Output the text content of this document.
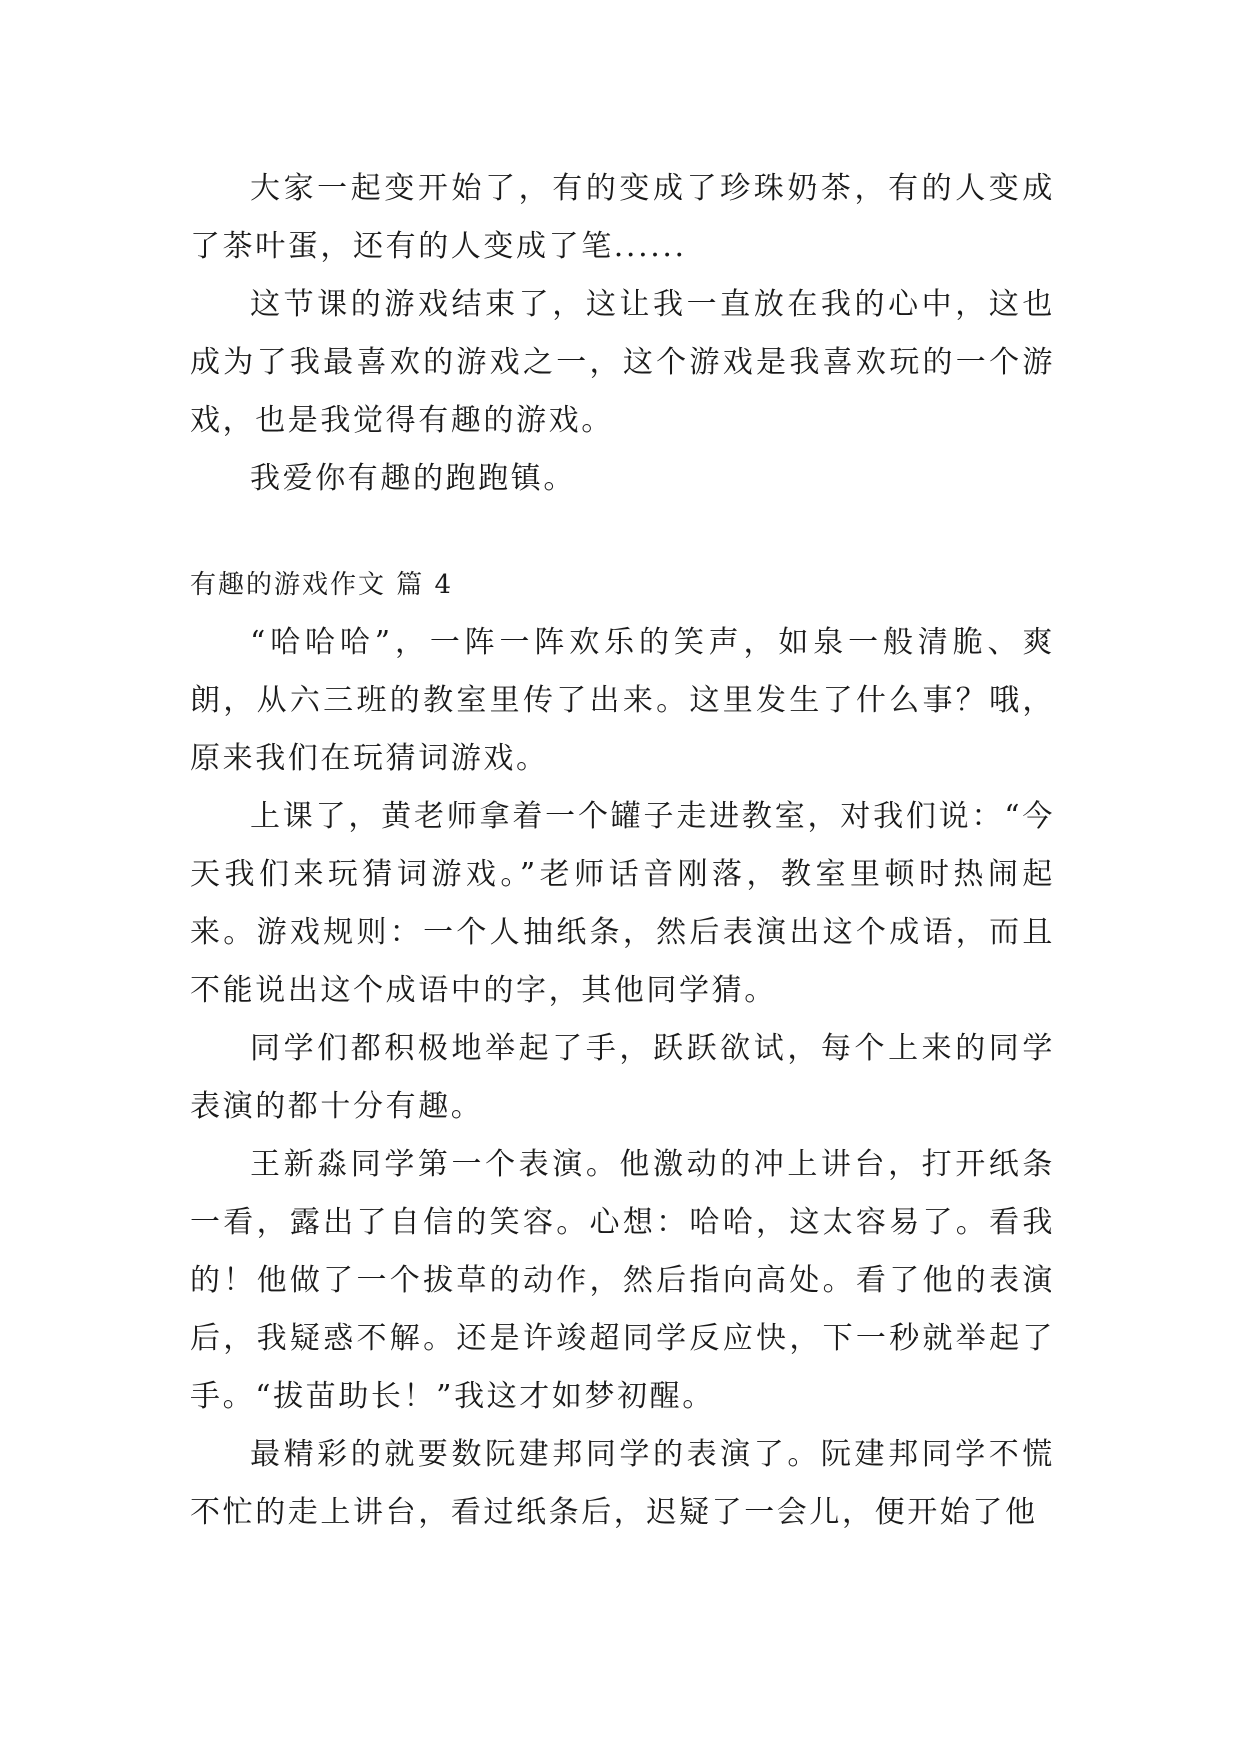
大家一起变开始了，有的变成了珍珠奶茶，有的人变成了茶叶蛋，还有的人变成了笔......

这节课的游戏结束了，这让我一直放在我的心中，这也成为了我最喜欢的游戏之一，这个游戏是我喜欢玩的一个游戏，也是我觉得有趣的游戏。

我爱你有趣的跑跑镇。

有趣的游戏作文 篇 4

“哈哈哈”，一阵一阵欢乐的笑声，如泉一般清脆、爽朗，从六三班的教室里传了出来。这里发生了什么事？哦，原来我们在玩猜词游戏。

上课了，黄老师拿着一个罐子走进教室，对我们说：“今天我们来玩猜词游戏。”老师话音刚落，教室里顿时热闹起来。游戏规则：一个人抽纸条，然后表演出这个成语，而且不能说出这个成语中的字，其他同学猜。

同学们都积极地举起了手，跃跃欲试，每个上来的同学表演的都十分有趣。

王新淼同学第一个表演。他激动的冲上讲台，打开纸条一看，露出了自信的笑容。心想：哈哈，这太容易了。看我的！他做了一个拔草的动作，然后指向高处。看了他的表演后，我疑惑不解。还是许竣超同学反应快，下一秒就举起了手。“拔苗助长！”我这才如梦初醒。

最精彩的就要数阮建邦同学的表演了。阮建邦同学不慌不忙的走上讲台，看过纸条后，迟疑了一会儿，便开始了他
